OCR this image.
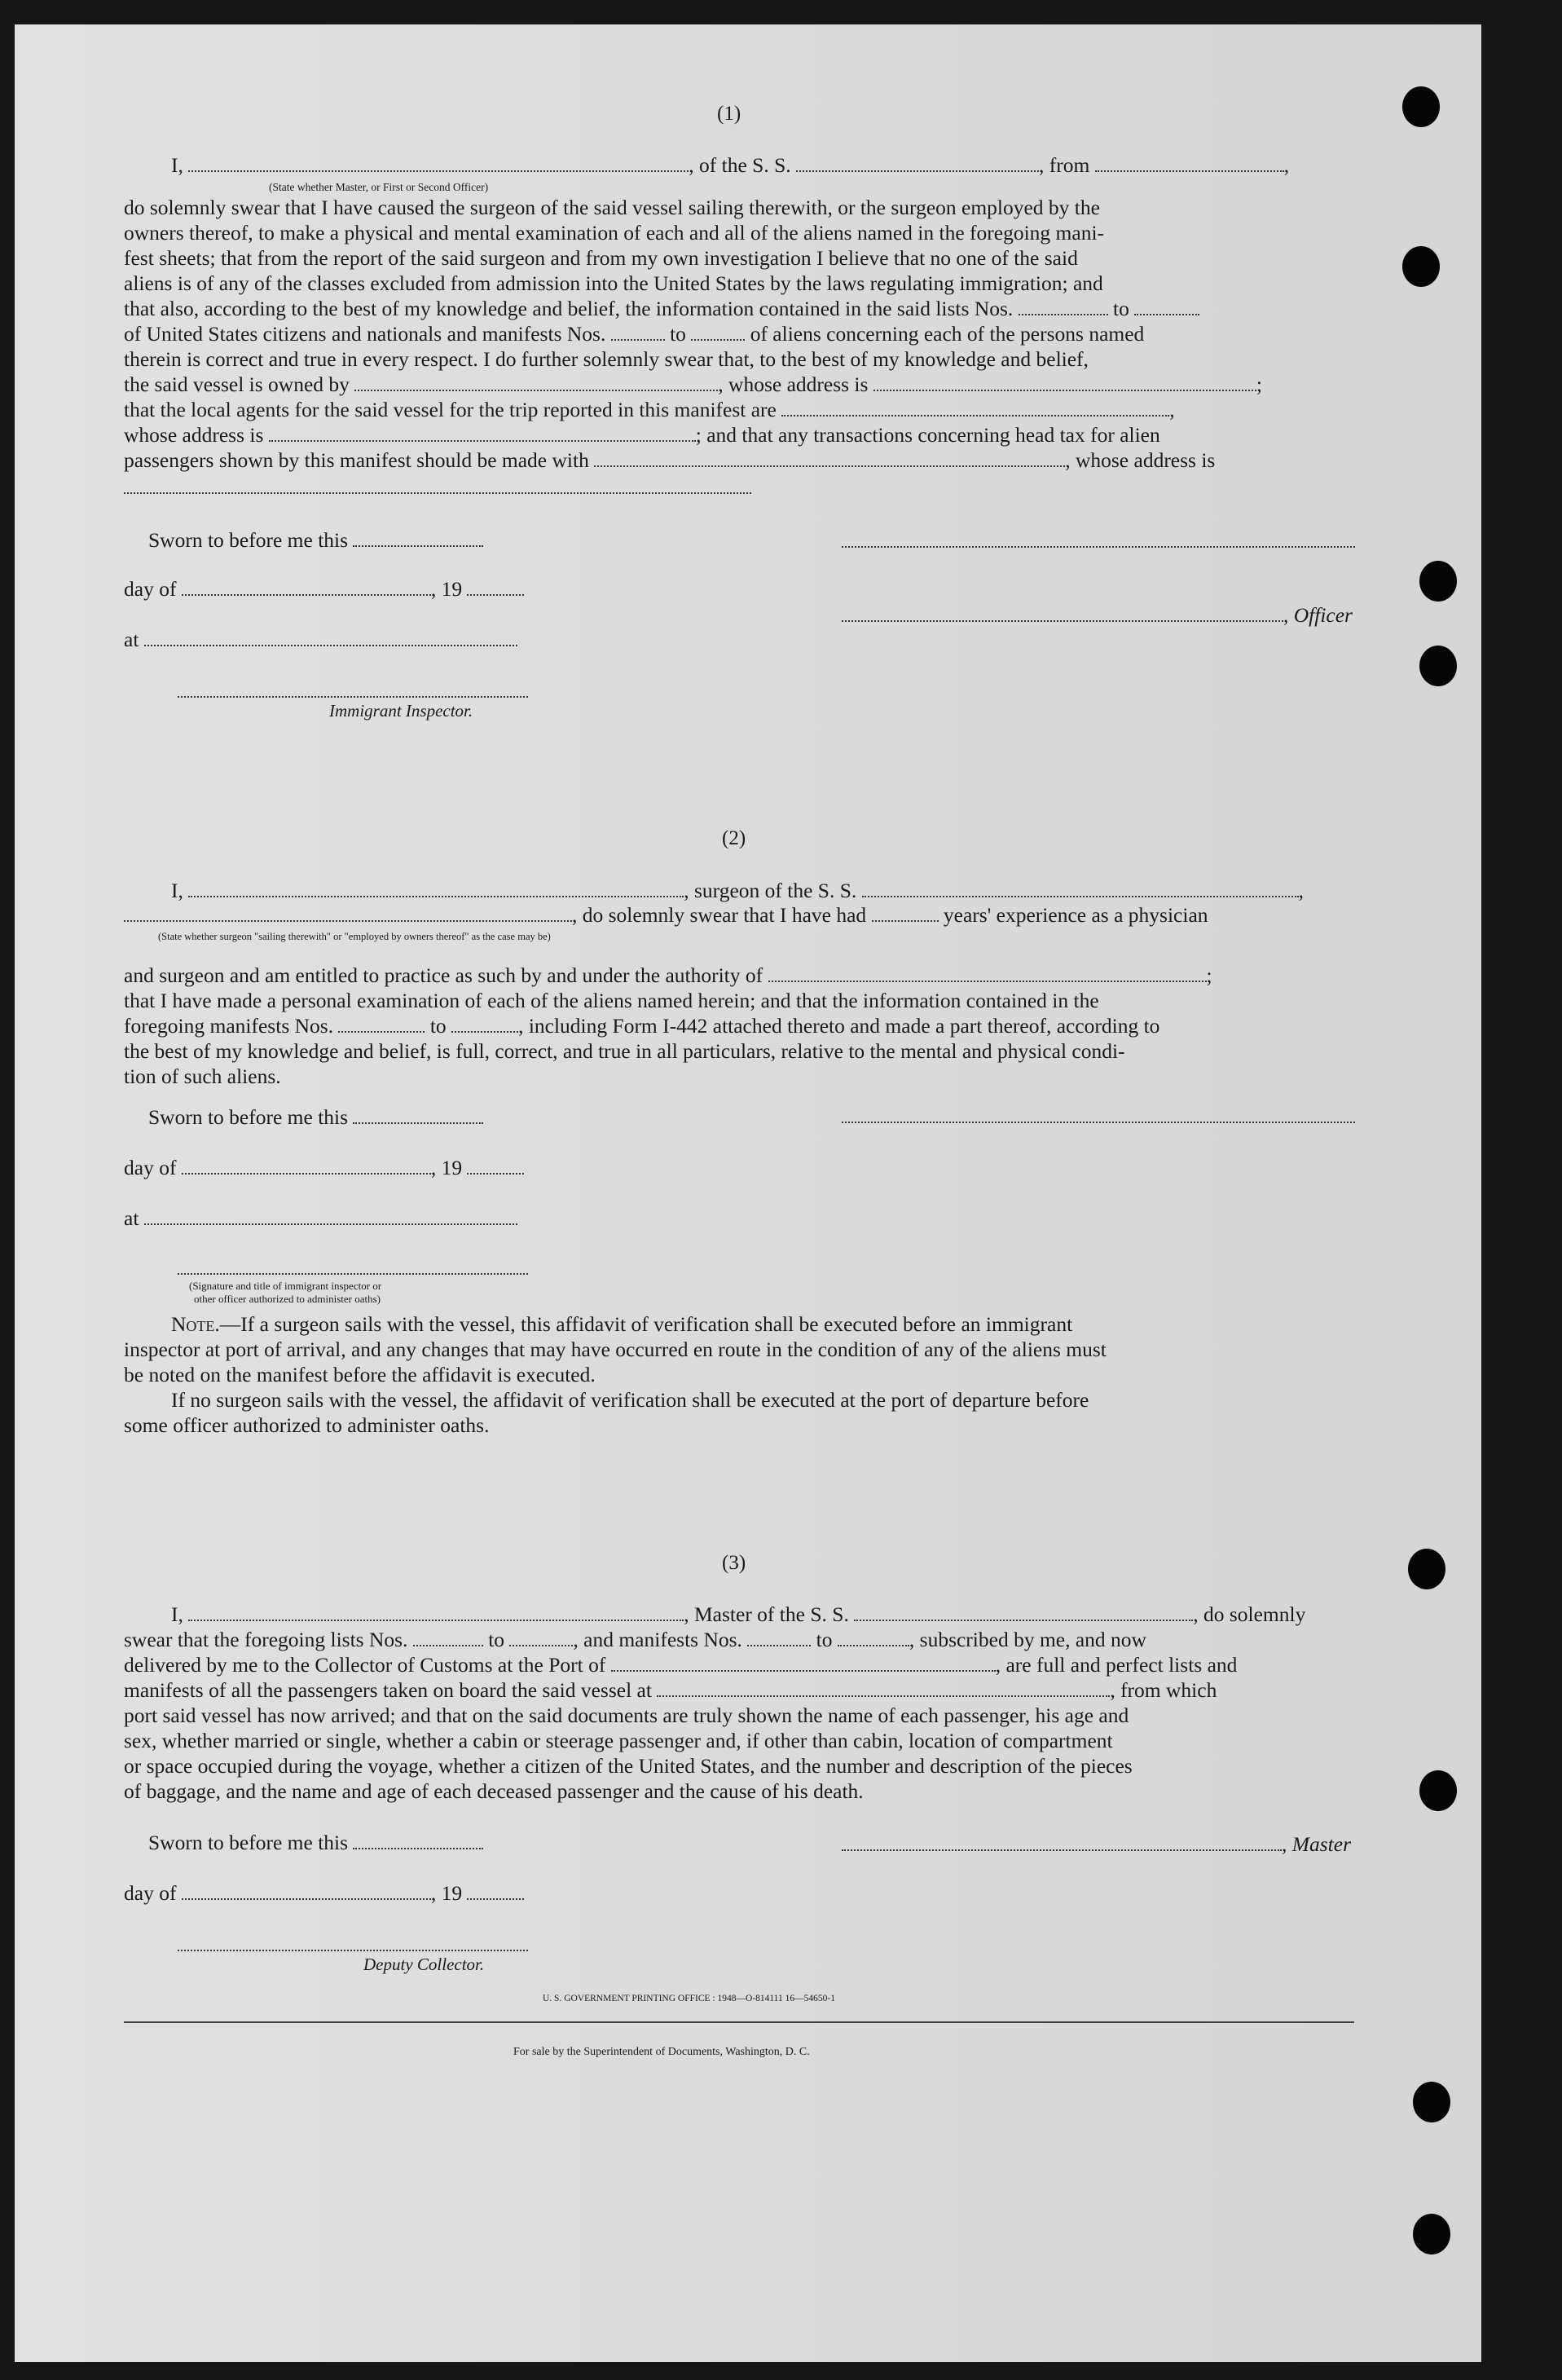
(1)
I,	, of the S. S.	, from	,
(State whether Master, or First or Second Officer)
do solemnly swear that I have caused the surgeon of the said vessel sailing therewith, or the surgeon employed by the
owners thereof, to make a physical and mental examination of each and all of the aliens named in the foregoing mani-
fest sheets; that from the report of the said surgeon and from my own investigation I believe that no one of the said
aliens is of any of the classes excluded from admission into the United States by the laws regulating immigration; and
that also, according to the best of my knowledge and belief, the information contained in the said lists Nos.	to
of United States citizens and nationals and manifests Nos.	to	of aliens concerning each of the persons named
therein is correct and true in every respect. I do further solemnly swear that, to the best of my knowledge and belief,
the said vessel is owned by	, whose address is	;
that the local agents for the said vessel for the trip reported in this manifest are	,
whose address is	; and that any transactions concerning head tax for alien
passengers shown by this manifest should be made with	, whose address is
Sworn to before me this
day of	, 19
, Officer
at
Immigrant Inspector.
(2)
I,	, surgeon of the S. S.	,
, do solemnly swear that I have had	years' experience as a physician
(State whether surgeon "sailing therewith" or "employed by owners thereof" as the case may be)
and surgeon and am entitled to practice as such by and under the authority of	;
that I have made a personal examination of each of the aliens named herein; and that the information contained in the
foregoing manifests Nos.	to	, including Form I-442 attached thereto and made a part thereof, according to
the best of my knowledge and belief, is full, correct, and true in all particulars, relative to the mental and physical condi-
tion of such aliens.
Sworn to before me this
day of	, 19
at
(Signature and title of immigrant inspector or
other officer authorized to administer oaths)
Note.—If a surgeon sails with the vessel, this affidavit of verification shall be executed before an immigrant
inspector at port of arrival, and any changes that may have occurred en route in the condition of any of the aliens must
be noted on the manifest before the affidavit is executed.
If no surgeon sails with the vessel, the affidavit of verification shall be executed at the port of departure before
some officer authorized to administer oaths.
(3)
I,	, Master of the S. S.	, do solemnly
swear that the foregoing lists Nos.	to	, and manifests Nos.	to	, subscribed by me, and now
delivered by me to the Collector of Customs at the Port of	, are full and perfect lists and
manifests of all the passengers taken on board the said vessel at	, from which
port said vessel has now arrived; and that on the said documents are truly shown the name of each passenger, his age and
sex, whether married or single, whether a cabin or steerage passenger and, if other than cabin, location of compartment
or space occupied during the voyage, whether a citizen of the United States, and the number and description of the pieces
of baggage, and the name and age of each deceased passenger and the cause of his death.
Sworn to before me this	, Master
day of	, 19
Deputy Collector.
U. S. GOVERNMENT PRINTING OFFICE : 1948—O-814111 16—54650-1
For sale by the Superintendent of Documents, Washington, D. C.
